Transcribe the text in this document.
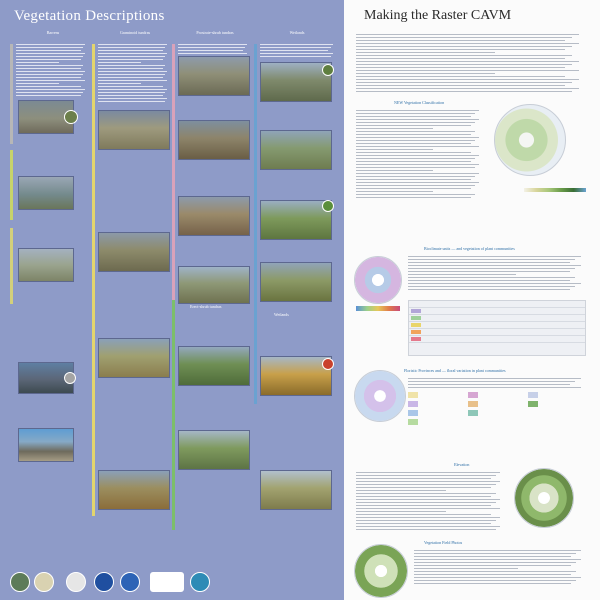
Vegetation Descriptions
Barrens	Graminoid tundras	Prostrate-shrub tundras	Wetlands
Erect-shrub tundras
Wetlands
Making the Raster CAVM
NEW Vegetation Classification
Bioclimate units — and vegetation of plant communities
Floristic Provinces and — floral variation in plant communities
Elevation
Vegetation Field Photos
